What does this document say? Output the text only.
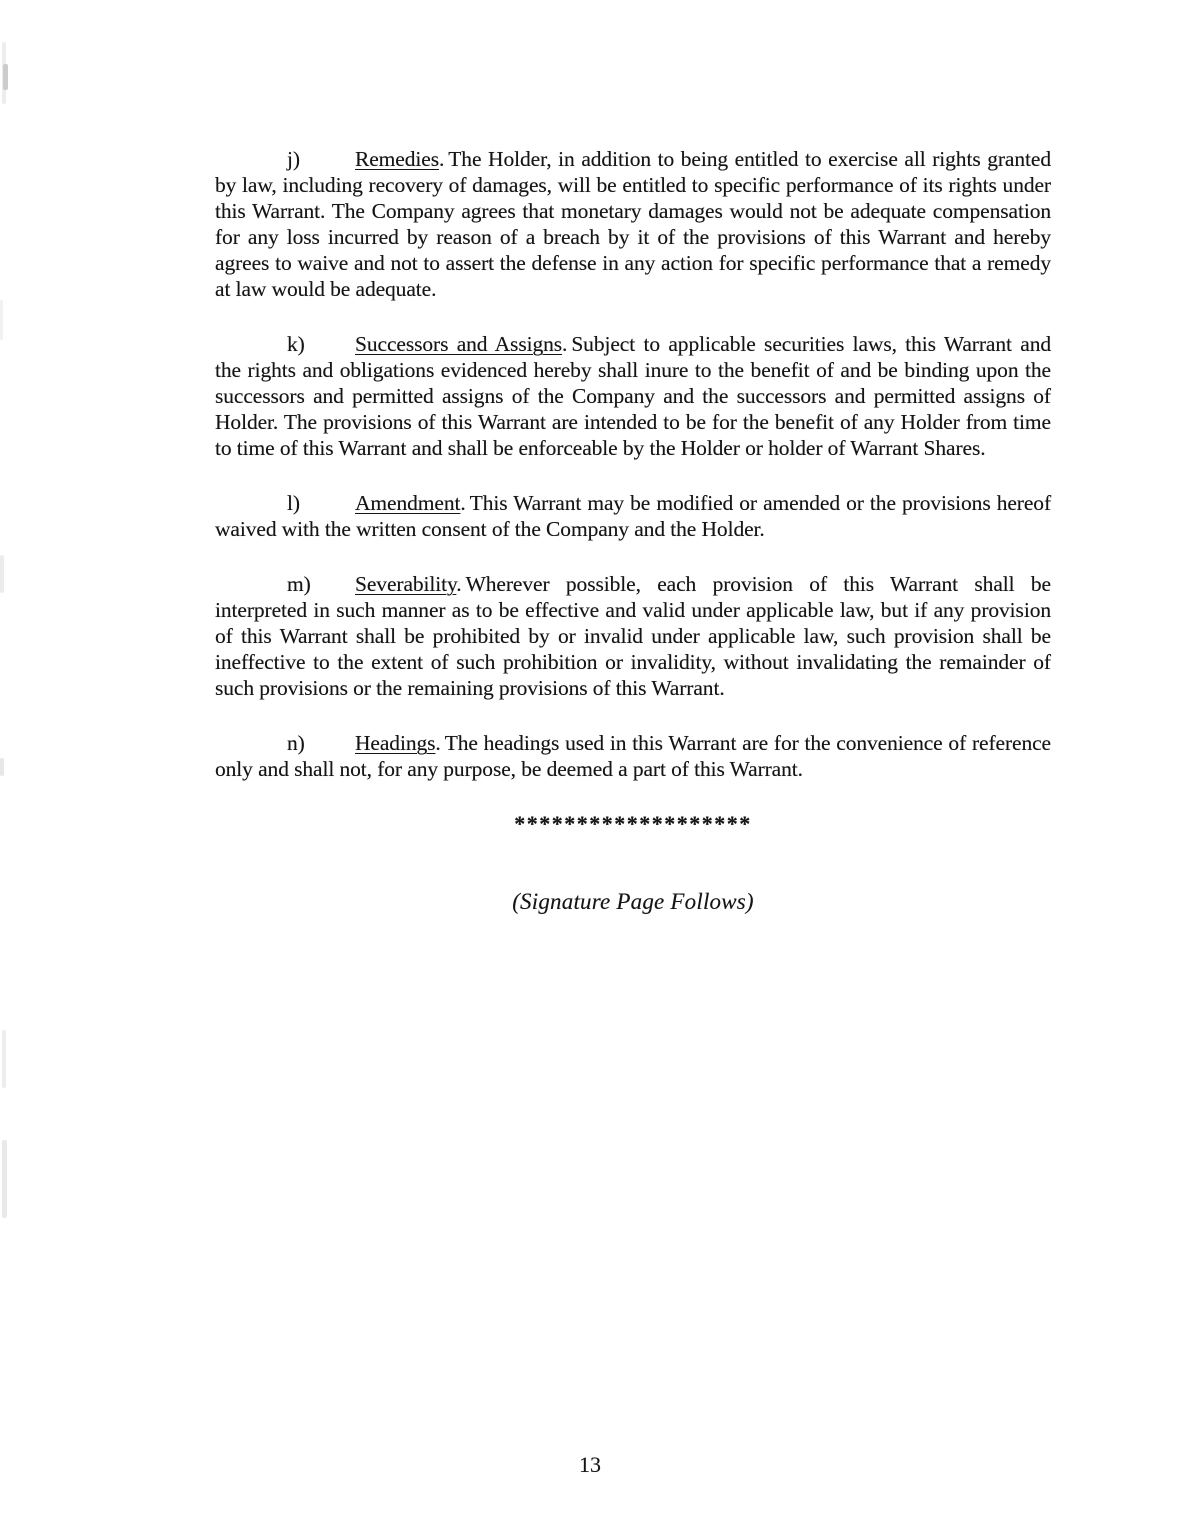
j)	Remedies. The Holder, in addition to being entitled to exercise all rights granted by law, including recovery of damages, will be entitled to specific performance of its rights under this Warrant. The Company agrees that monetary damages would not be adequate compensation for any loss incurred by reason of a breach by it of the provisions of this Warrant and hereby agrees to waive and not to assert the defense in any action for specific performance that a remedy at law would be adequate.

k) Successors and Assigns. Subject to applicable securities laws, this Warrant and the rights and obligations evidenced hereby shall inure to the benefit of and be binding upon the successors and permitted assigns of the Company and the successors and permitted assigns of Holder. The provisions of this Warrant are intended to be for the benefit of any Holder from time to time of this Warrant and shall be enforceable by the Holder or holder of Warrant Shares.

l)	Amendment. This Warrant may be modified or amended or the provisions hereof waived with the written consent of the Company and the Holder.

m) Severability. Wherever possible, each provision of this Warrant shall be interpreted in such manner as to be effective and valid under applicable law, but if any provision of this Warrant shall be prohibited by or invalid under applicable law, such provision shall be ineffective to the extent of such prohibition or invalidity, without invalidating the remainder of such provisions or the remaining provisions of this Warrant.

n) Headings. The headings used in this Warrant are for the convenience of reference only and shall not, for any purpose, be deemed a part of this Warrant.

*******************
(Signature Page Follows)
13
